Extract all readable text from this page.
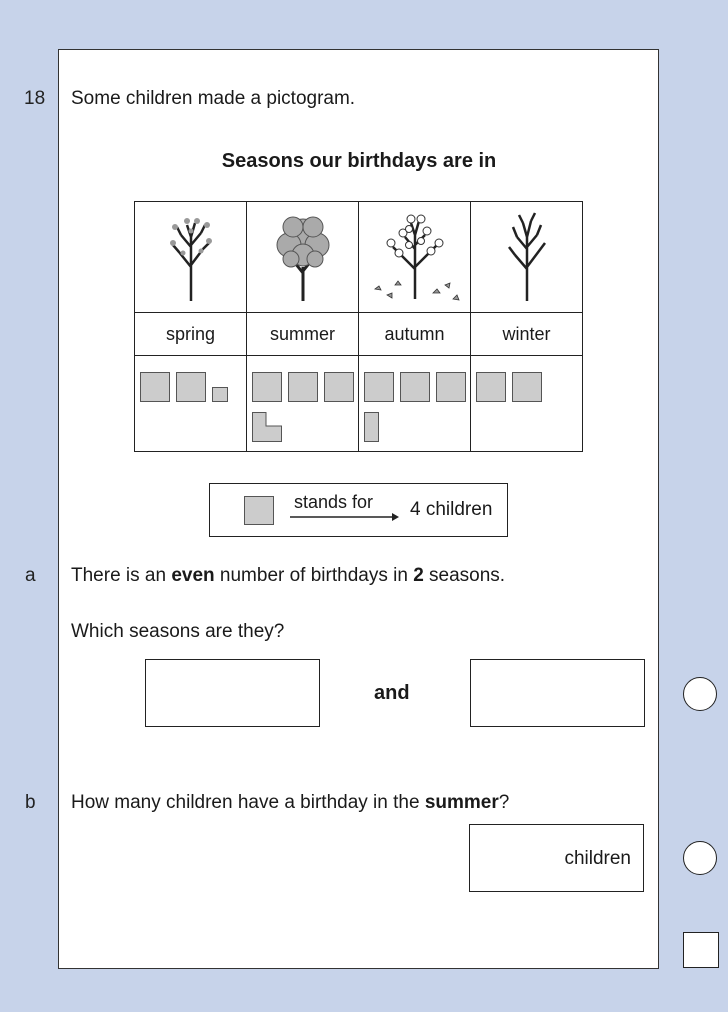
18 Some children made a pictogram.
Seasons our birthdays are in

spring	summer	autumn	winter

stands for 4 children
a There is an even number of birthdays in 2 seasons.
Which seasons are they?
and
b How many children have a birthday in the summer?
children
